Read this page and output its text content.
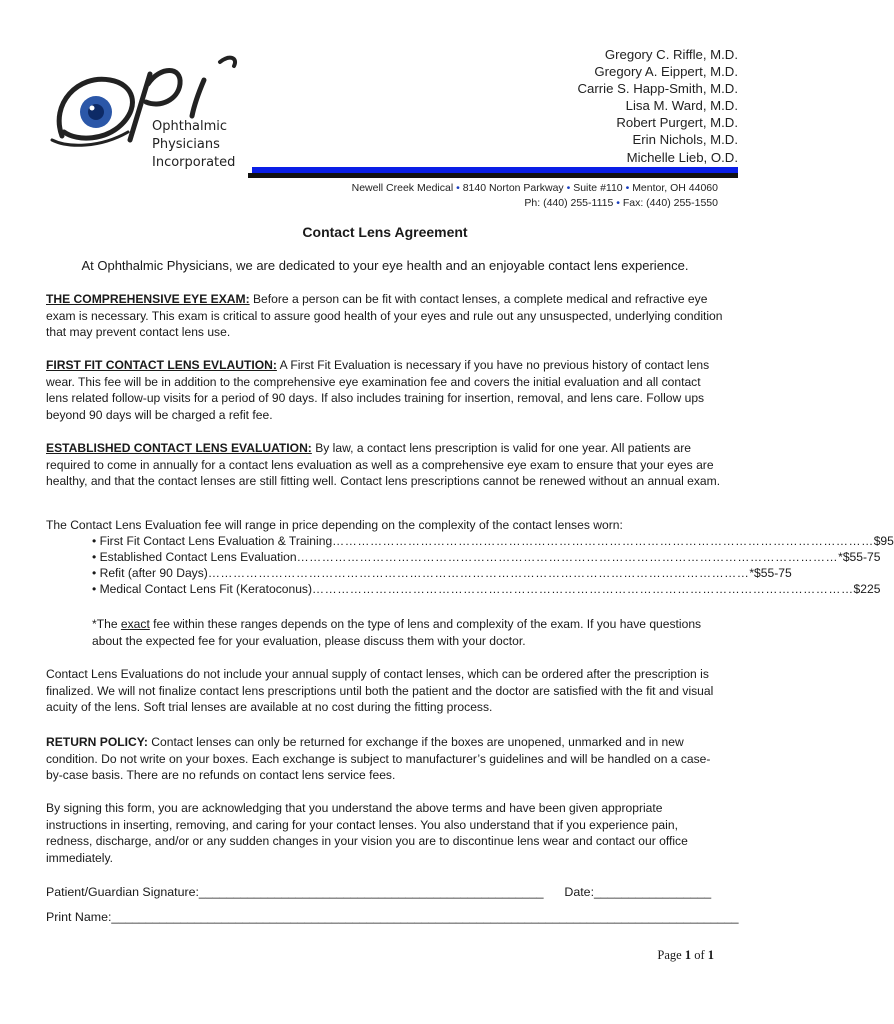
Ophthalmic
Physicians
Incorporated
Gregory C. Riffle, M.D.
Gregory A. Eippert, M.D.
Carrie S. Happ-Smith, M.D.
Lisa M. Ward, M.D.
Robert Purgert, M.D.
Erin Nichols, M.D.
Michelle Lieb, O.D.
Newell Creek Medical • 8140 Norton Parkway • Suite #110 • Mentor, OH 44060
Ph: (440) 255-1115 • Fax: (440) 255-1550
Contact Lens Agreement
At Ophthalmic Physicians, we are dedicated to your eye health and an enjoyable contact lens experience.
THE COMPREHENSIVE EYE EXAM: Before a person can be fit with contact lenses, a complete medical and refractive eye exam is necessary. This exam is critical to assure good health of your eyes and rule out any unsuspected, underlying condition that may prevent contact lens use.
FIRST FIT CONTACT LENS EVLAUTION: A First Fit Evaluation is necessary if you have no previous history of contact lens wear. This fee will be in addition to the comprehensive eye examination fee and covers the initial evaluation and all contact lens related follow-up visits for a period of 90 days. If also includes training for insertion, removal, and lens care. Follow ups beyond 90 days will be charged a refit fee.
ESTABLISHED CONTACT LENS EVALUATION: By law, a contact lens prescription is valid for one year. All patients are required to come in annually for a contact lens evaluation as well as a comprehensive eye exam to ensure that your eyes are healthy, and that the contact lenses are still fitting well. Contact lens prescriptions cannot be renewed without an annual exam.
The Contact Lens Evaluation fee will range in price depending on the complexity of the contact lenses worn:
• First Fit Contact Lens Evaluation & Training ………………………………………………………………………………………………………………… $95
• Established Contact Lens Evaluation ………………………………………………………………………………………………………………… *$55-75
• Refit (after 90 Days) ………………………………………………………………………………………………………………… *$55-75
• Medical Contact Lens Fit (Keratoconus) ………………………………………………………………………………………………………………… $225
*The exact fee within these ranges depends on the type of lens and complexity of the exam. If you have questions about the expected fee for your evaluation, please discuss them with your doctor.
Contact Lens Evaluations do not include your annual supply of contact lenses, which can be ordered after the prescription is finalized. We will not finalize contact lens prescriptions until both the patient and the doctor are satisfied with the fit and visual acuity of the lens. Soft trial lenses are available at no cost during the fitting process.
RETURN POLICY: Contact lenses can only be returned for exchange if the boxes are unopened, unmarked and in new condition. Do not write on your boxes. Each exchange is subject to manufacturer’s guidelines and will be handled on a case-by-case basis. There are no refunds on contact lens service fees.
By signing this form, you are acknowledging that you understand the above terms and have been given appropriate instructions in inserting, removing, and caring for your contact lenses. You also understand that if you experience pain, redness, discharge, and/or or any sudden changes in your vision you are to discontinue lens wear and contact our office immediately.
Patient/Guardian Signature:__________________________________________________ Date:_________________
Print Name:___________________________________________________________________________________________
Page 1 of 1
